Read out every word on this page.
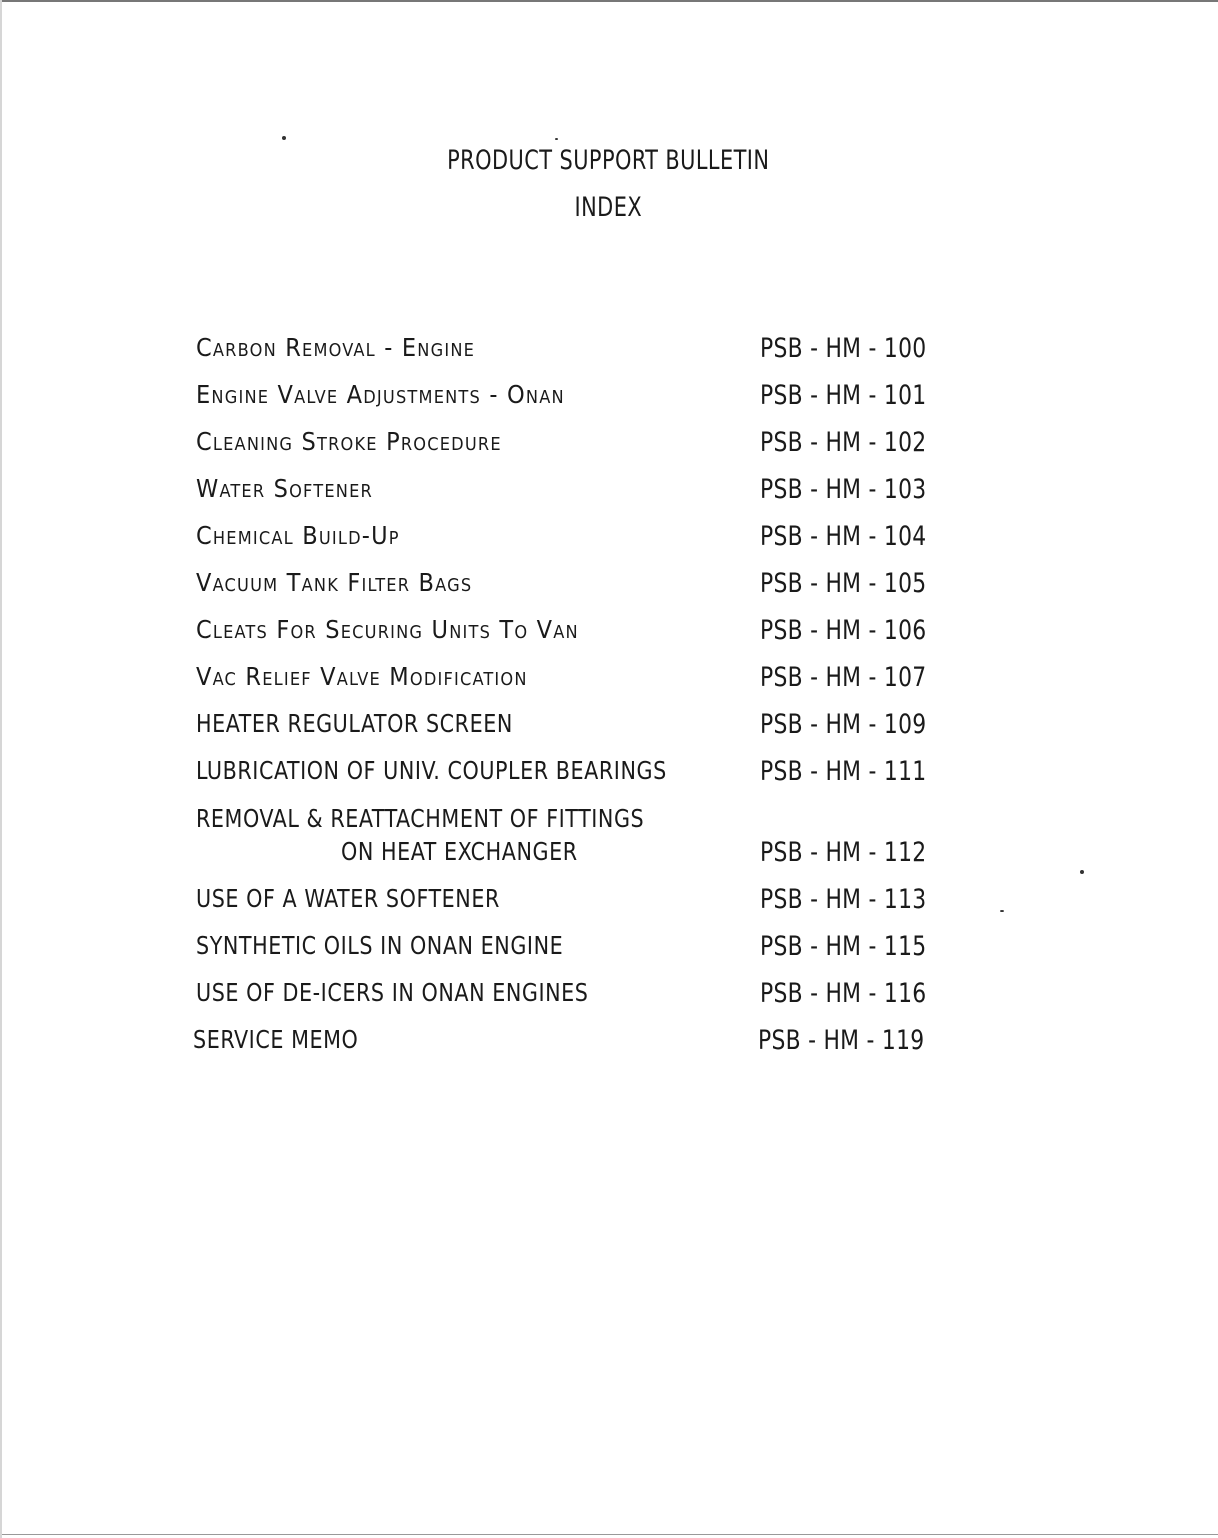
PRODUCT SUPPORT BULLETIN
INDEX
Carbon Removal - Engine	PSB - HM - 100
Engine Valve Adjustments - Onan	PSB - HM - 101
Cleaning Stroke Procedure	PSB - HM - 102
Water Softener	PSB - HM - 103
Chemical Build-Up	PSB - HM - 104
Vacuum Tank Filter Bags	PSB - HM - 105
Cleats For Securing Units To Van	PSB - HM - 106
Vac Relief Valve Modification	PSB - HM - 107
HEATER REGULATOR SCREEN	PSB - HM - 109
LUBRICATION OF UNIV. COUPLER BEARINGS	PSB - HM - 111
REMOVAL & REATTACHMENT OF FITTINGS
ON HEAT EXCHANGER	PSB - HM - 112
USE OF A WATER SOFTENER	PSB - HM - 113
SYNTHETIC OILS IN ONAN ENGINE	PSB - HM - 115
USE OF DE-ICERS IN ONAN ENGINES	PSB - HM - 116
SERVICE MEMO	PSB - HM - 119
